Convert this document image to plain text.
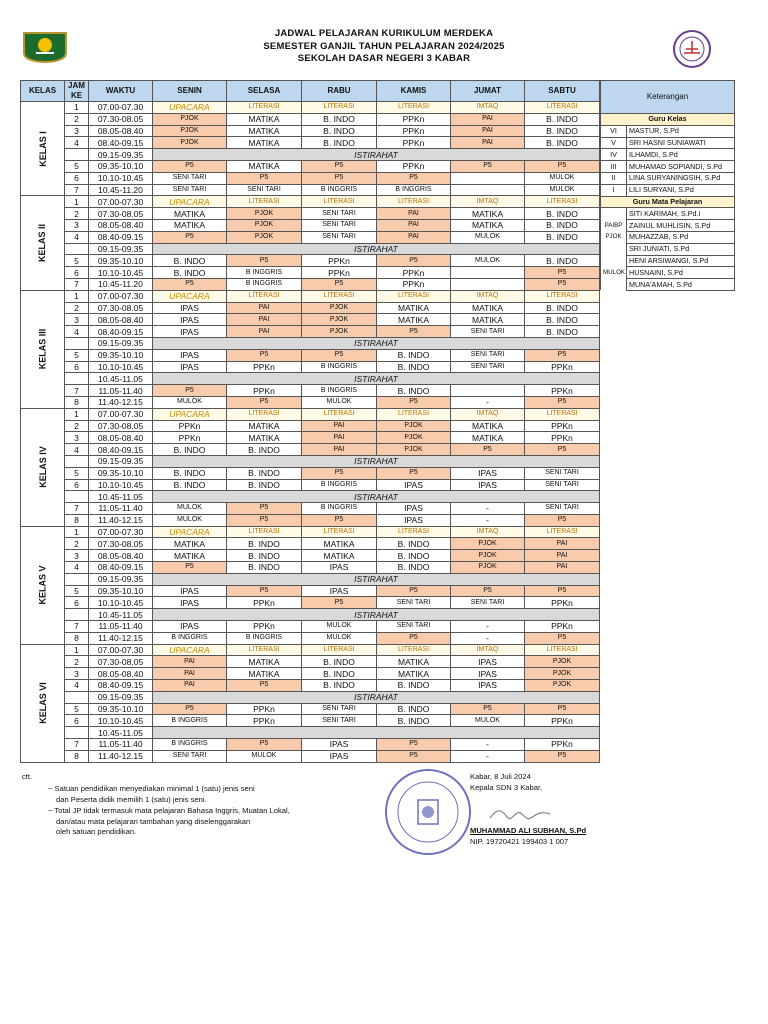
JADWAL PELAJARAN KURIKULUM MERDEKA
SEMESTER GANJIL TAHUN PELAJARAN 2024/2025
SEKOLAH DASAR NEGERI 3 KABAR
KELAS	JAM KE	WAKTU	SENIN	SELASA	RABU	KAMIS	JUMAT	SABTU
KELAS I	1	07.00-07.30	UPACARA	LITERASI	LITERASI	LITERASI	IMTAQ	LITERASI
	2	07.30-08.05	PJOK	MATIKA	B. INDO	PPKn	PAI	B. INDO
	3	08.05-08.40	PJOK	MATIKA	B. INDO	PPKn	PAI	B. INDO
	4	08.40-09.15	PJOK	MATIKA	B. INDO	PPKn	PAI	B. INDO
		09.15-09.35	ISTIRAHAT					
	5	09.35-10.10	P5	MATIKA	P5	PPKn	P5	P5
	6	10.10-10.45	SENI TARI	P5	P5	P5		MULOK
	7	10.45-11.20	SENI TARI	SENI TARI	B INGGRIS	B INGGRIS		MULOK
KELAS II	1	07.00-07.30	UPACARA	LITERASI	LITERASI	LITERASI	IMTAQ	LITERASI
	2	07.30-08.05	MATIKA	PJOK	SENI TARI	PAI	MATIKA	B. INDO
	3	08.05-08.40	MATIKA	PJOK	SENI TARI	PAI	MATIKA	B. INDO
	4	08.40-09.15	P5	PJOK	SENI TARI	PAI	MULOK	B. INDO
		09.15-09.35	ISTIRAHAT					
	5	09.35-10.10	B. INDO	P5	PPKn	P5	MULOK	B. INDO
	6	10.10-10.45	B. INDO	B INGGRIS	PPKn	PPKn		P5
	7	10.45-11.20	P5	B INGGRIS	P5	PPKn		P5
KELAS III	1	07.00-07.30	UPACARA	LITERASI	LITERASI	LITERASI	IMTAQ	LITERASI
	2	07.30-08.05	IPAS	PAI	PJOK	MATIKA	MATIKA	B. INDO
	3	08.05-08.40	IPAS	PAI	PJOK	MATIKA	MATIKA	B. INDO
	4	08.40-09.15	IPAS	PAI	PJOK	P5	SENI TARI	B. INDO
		09.15-09.35	ISTIRAHAT					
	5	09.35-10.10	IPAS	P5	P5	B. INDO	SENI TARI	P5
	6	10.10-10.45	IPAS	PPKn	B INGGRIS	B. INDO	SENI TARI	PPKn
		10.45-11.05	ISTIRAHAT					
	7	11.05-11.40	P5	PPKn	B INGGRIS	B. INDO		PPKn
	8	11.40-12.15	MULOK	P5	MULOK	P5	-	P5
KELAS IV	1	07.00-07.30	UPACARA	LITERASI	LITERASI	LITERASI	IMTAQ	LITERASI
	2	07.30-08.05	PPKn	MATIKA	PAI	PJOK	MATIKA	PPKn
	3	08.05-08.40	PPKn	MATIKA	PAI	PJOK	MATIKA	PPKn
	4	08.40-09.15	B. INDO	B. INDO	PAI	PJOK	P5	P5
		09.15-09.35	ISTIRAHAT					
	5	09.35-10.10	B. INDO	B. INDO	P5	P5	IPAS	SENI TARI
	6	10.10-10.45	B. INDO	B. INDO	B INGGRIS	IPAS	IPAS	SENI TARI
		10.45-11.05	ISTIRAHAT					
	7	11.05-11.40	MULOK	P5	B INGGRIS	IPAS	-	SENI TARI
	8	11.40-12.15	MULOK	P5	P5	IPAS	-	P5
KELAS V	1	07.00-07.30	UPACARA	LITERASI	LITERASI	LITERASI	IMTAQ	LITERASI
	2	07.30-08.05	MATIKA	B. INDO	MATIKA	B. INDO	PJOK	PAI
	3	08.05-08.40	MATIKA	B. INDO	MATIKA	B. INDO	PJOK	PAI
	4	08.40-09.15	P5	B. INDO	IPAS	B. INDO	PJOK	PAI
		09.15-09.35	ISTIRAHAT					
	5	09.35-10.10	IPAS	P5	IPAS	P5	P5	P5
	6	10.10-10.45	IPAS	PPKn	P5	SENI TARI	SENI TARI	PPKn
		10.45-11.05	ISTIRAHAT					
	7	11.05-11.40	IPAS	PPKn	MULOK	SENI TARI	-	PPKn
	8	11.40-12.15	B INGGRIS	B INGGRIS	MULOK	P5	-	P5
KELAS VI	1	07.00-07.30	UPACARA	LITERASI	LITERASI	LITERASI	IMTAQ	LITERASI
	2	07.30-08.05	PAI	MATIKA	B. INDO	MATIKA	IPAS	PJOK
	3	08.05-08.40	PAI	MATIKA	B. INDO	MATIKA	IPAS	PJOK
	4	08.40-09.15	PAI	P5	B. INDO	B. INDO	IPAS	PJOK
		09.15-09.35	ISTIRAHAT					
	5	09.35-10.10	P5	PPKn	SENI TARI	B. INDO	P5	P5
	6	10.10-10.45	B INGGRIS	PPKn	SENI TARI	B. INDO	MULOK	PPKn
		10.45-11.05						
	7	11.05-11.40	B INGGRIS	P5	IPAS	P5	-	PPKn
	8	11.40-12.15	SENI TARI	MULOK	IPAS	P5	-	P5
Keterangan	
Guru Kelas	
VI	MASTUR, S.Pd
V	SRI HASNI SUNIAWATI
IV	ILHAMDI, S.Pd
III	MUHAMAD SOPIANDI, S.Pd
II	LINA SURYANINGSIH, S.Pd
I	LILI SURYANI, S.Pd
Guru Mata Pelajaran	
	SITI KARIMAH, S.Pd.I
PAIBP	ZAINUL MUHLISIN, S.Pd
PJOK	MUHAZZAB, S.Pd
	SRI JUNIATI, S.Pd
	HENI ARSIWANGI, S.Pd
MULOK	HUSNAINI, S.Pd
	MUNA'AMAH, S.Pd
ctt.
~ Satuan pendidikan menyediakan minimal 1 (satu) jenis seni
dan Peserta didik memilih 1 (satu) jenis seni.
~ Total JP tidak termasuk mata pelajaran Bahasa Inggris, Muatan Lokal,
dan/atau mata pelajaran tambahan yang diselenggarakan
oleh satuan pendidikan.
Kabar, 8 Juli 2024
Kepala SDN 3 Kabar,
MUHAMMAD ALI SUBHAN, S.Pd
NIP. 19720421 199403 1 007
